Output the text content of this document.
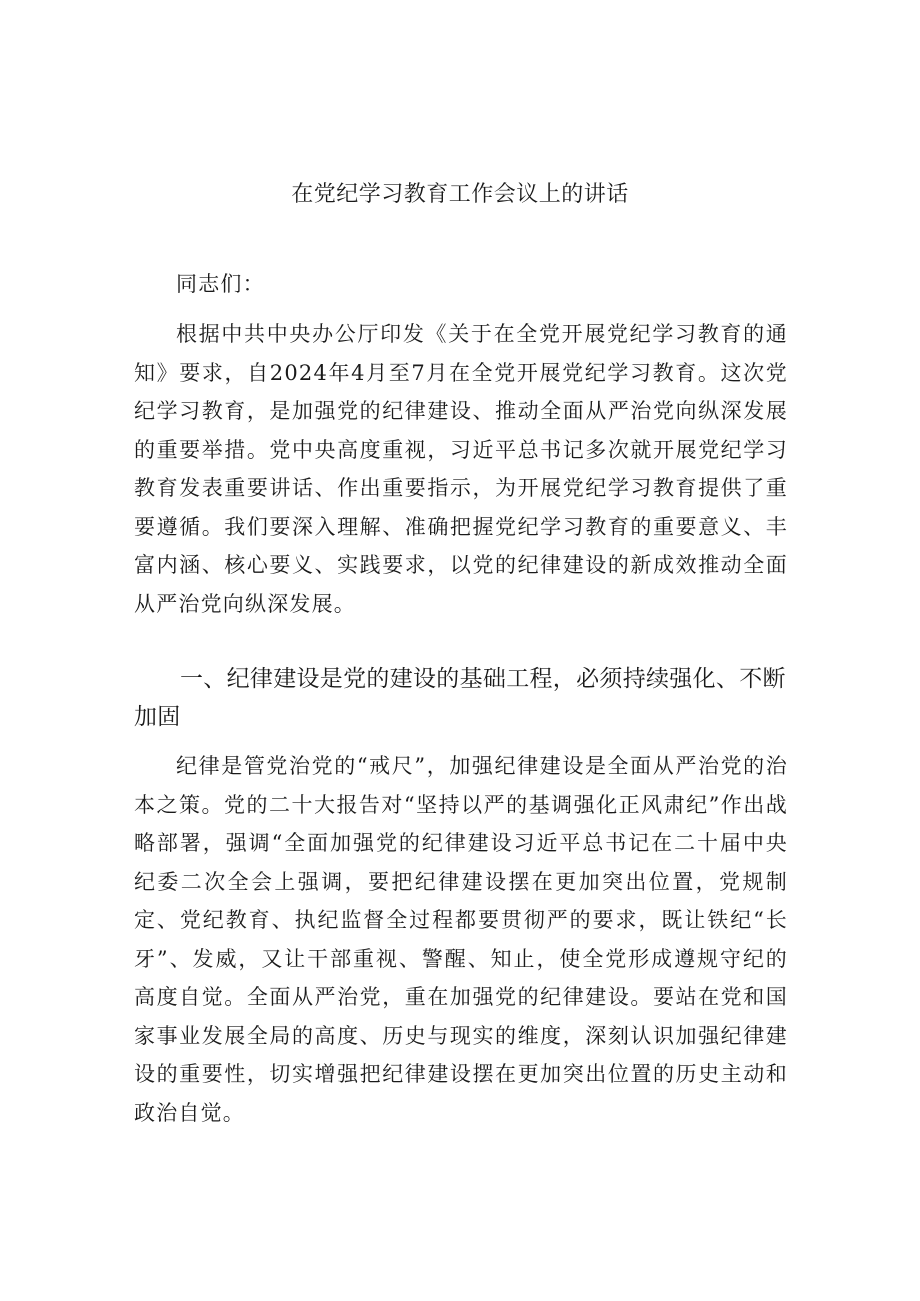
在党纪学习教育工作会议上的讲话

同志们：

根据中共中央办公厅印发《关于在全党开展党纪学习教育的通知》要求，自2024年4月至7月在全党开展党纪学习教育。这次党纪学习教育，是加强党的纪律建设、推动全面从严治党向纵深发展的重要举措。党中央高度重视，习近平总书记多次就开展党纪学习教育发表重要讲话、作出重要指示，为开展党纪学习教育提供了重要遵循。我们要深入理解、准确把握党纪学习教育的重要意义、丰富内涵、核心要义、实践要求，以党的纪律建设的新成效推动全面从严治党向纵深发展。

一、纪律建设是党的建设的基础工程，必须持续强化、不断加固

纪律是管党治党的“戒尺”，加强纪律建设是全面从严治党的治本之策。党的二十大报告对“坚持以严的基调强化正风肃纪”作出战略部署，强调“全面加强党的纪律建设习近平总书记在二十届中央纪委二次全会上强调，要把纪律建设摆在更加突出位置，党规制定、党纪教育、执纪监督全过程都要贯彻严的要求，既让铁纪“长牙”、发威，又让干部重视、警醒、知止，使全党形成遵规守纪的高度自觉。全面从严治党，重在加强党的纪律建设。要站在党和国家事业发展全局的高度、历史与现实的维度，深刻认识加强纪律建设的重要性，切实增强把纪律建设摆在更加突出位置的历史主动和政治自觉。
